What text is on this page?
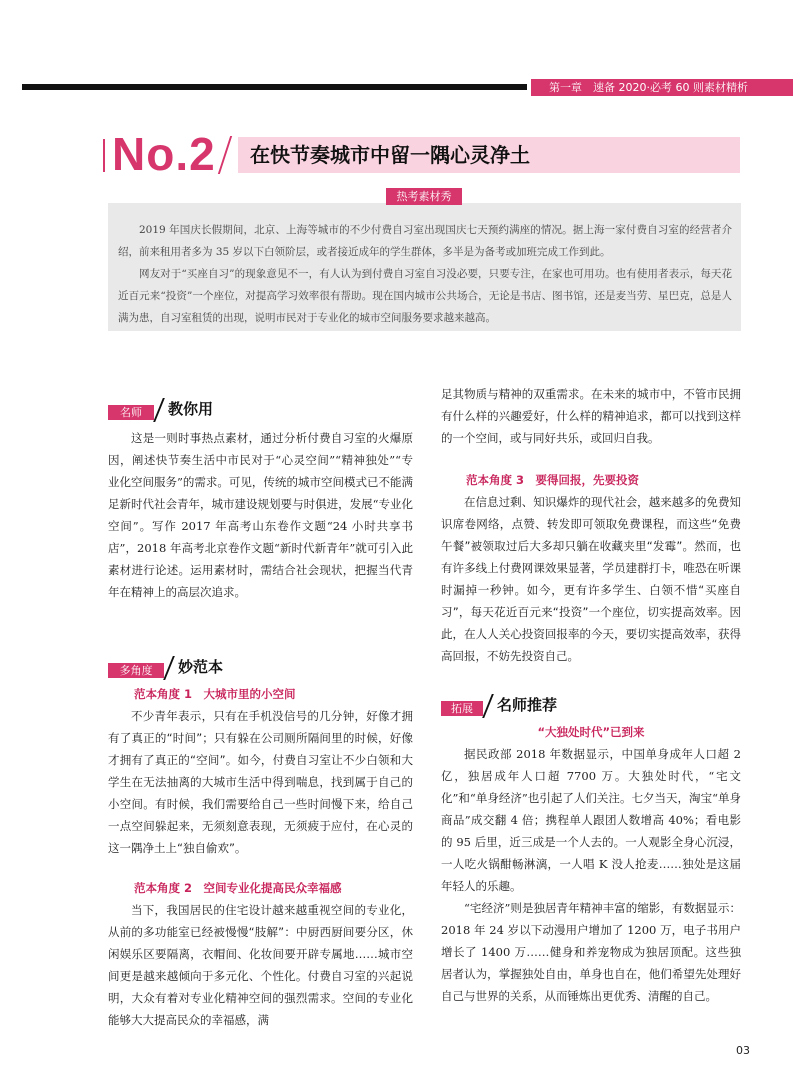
第一章　速备 2020·必考 60 则素材精析
No.2	在快节奏城市中留一隅心灵净土
热考素材秀

2019 年国庆长假期间，北京、上海等城市的不少付费自习室出现国庆七天预约满座的情况。据上海一家付费自习室的经营者介绍，前来租用者多为 35 岁以下白领阶层，或者接近成年的学生群体，多半是为备考或加班完成工作到此。

网友对于“买座自习”的现象意见不一，有人认为到付费自习室自习没必要，只要专注，在家也可用功。也有使用者表示，每天花近百元来“投资”一个座位，对提高学习效率很有帮助。现在国内城市公共场合，无论是书店、图书馆，还是麦当劳、星巴克，总是人满为患，自习室租赁的出现，说明市民对于专业化的城市空间服务要求越来越高。

名师	教你用

这是一则时事热点素材，通过分析付费自习室的火爆原因，阐述快节奏生活中市民对于“心灵空间”“精神独处”“专业化空间服务”的需求。可见，传统的城市空间模式已不能满足新时代社会青年，城市建设规划要与时俱进，发展“专业化空间”。写作 2017 年高考山东卷作文题“24 小时共享书店”，2018 年高考北京卷作文题“新时代新青年”就可引入此素材进行论述。运用素材时，需结合社会现状，把握当代青年在精神上的高层次追求。

多角度	妙范本
范本角度 1　大城市里的小空间

不少青年表示，只有在手机没信号的几分钟，好像才拥有了真正的“时间”；只有躲在公司厕所隔间里的时候，好像才拥有了真正的“空间”。如今，付费自习室让不少白领和大学生在无法抽离的大城市生活中得到喘息，找到属于自己的小空间。有时候，我们需要给自己一些时间慢下来，给自己一点空间躲起来，无须刻意表现，无须疲于应付，在心灵的这一隅净土上“独自偷欢”。

范本角度 2　空间专业化提高民众幸福感

当下，我国居民的住宅设计越来越重视空间的专业化，从前的多功能室已经被慢慢“肢解”：中厨西厨间要分区，休闲娱乐区要隔离，衣帽间、化妆间要开辟专属地……城市空间更是越来越倾向于多元化、个性化。付费自习室的兴起说明，大众有着对专业化精神空间的强烈需求。空间的专业化能够大大提高民众的幸福感，满

足其物质与精神的双重需求。在未来的城市中，不管市民拥有什么样的兴趣爱好，什么样的精神追求，都可以找到这样的一个空间，或与同好共乐，或回归自我。

范本角度 3　要得回报，先要投资

在信息过剩、知识爆炸的现代社会，越来越多的免费知识席卷网络，点赞、转发即可领取免费课程，而这些“免费午餐”被领取过后大多却只躺在收藏夹里“发霉”。然而，也有许多线上付费网课效果显著，学员建群打卡，唯恐在听课时漏掉一秒钟。如今，更有许多学生、白领不惜“买座自习”，每天花近百元来“投资”一个座位，切实提高效率。因此，在人人关心投资回报率的今天，要切实提高效率，获得高回报，不妨先投资自己。

拓展	名师推荐
“大独处时代”已到来

据民政部 2018 年数据显示，中国单身成年人口超 2 亿，独居成年人口超 7700 万。大独处时代，“宅文化”和“单身经济”也引起了人们关注。七夕当天，淘宝“单身商品”成交翻 4 倍；携程单人跟团人数增高 40%；看电影的 95 后里，近三成是一个人去的。一人观影全身心沉浸，一人吃火锅酣畅淋漓，一人唱 K 没人抢麦……独处是这届年轻人的乐趣。

“宅经济”则是独居青年精神丰富的缩影，有数据显示：2018 年 24 岁以下动漫用户增加了 1200 万，电子书用户增长了 1400 万……健身和养宠物成为独居顶配。这些独居者认为，掌握独处自由，单身也自在，他们希望先处理好自己与世界的关系，从而锤炼出更优秀、清醒的自己。

03
